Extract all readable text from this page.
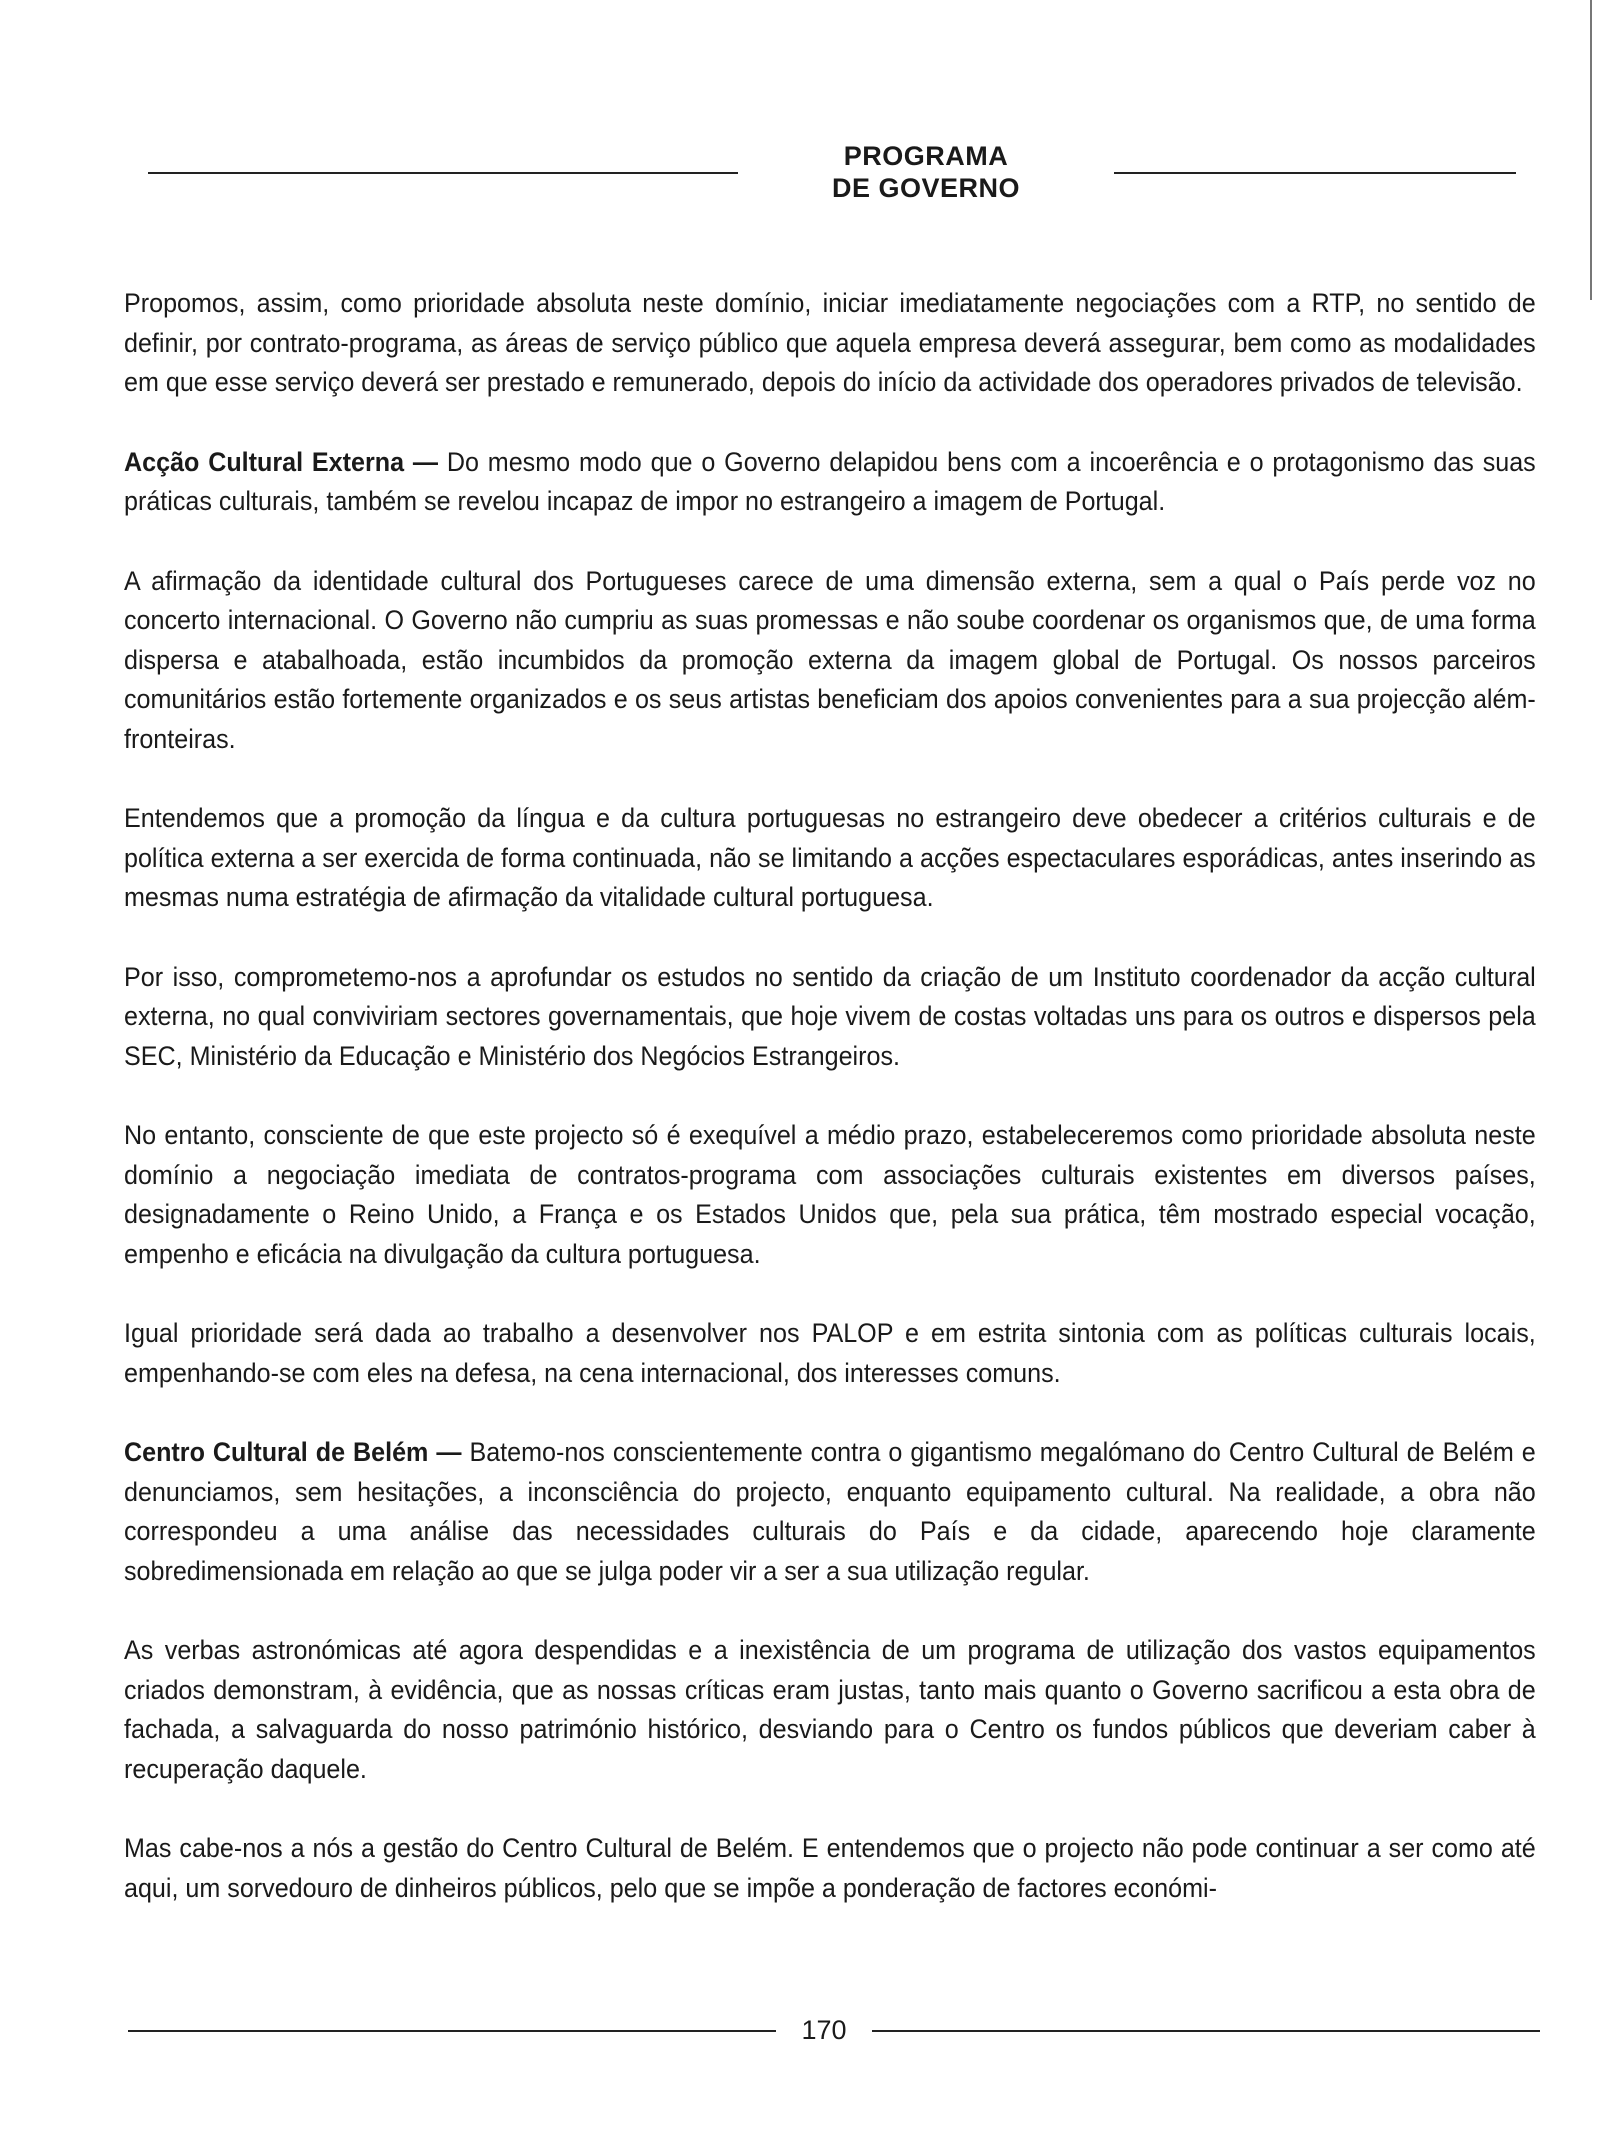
PROGRAMA
DE GOVERNO

Propomos, assim, como prioridade absoluta neste domínio, iniciar imediatamente negociações com a RTP, no sentido de definir, por contrato-programa, as áreas de serviço público que aquela empresa deverá assegurar, bem como as modalidades em que esse serviço deverá ser prestado e remunerado, depois do início da actividade dos operadores privados de televisão.

Acção Cultural Externa — Do mesmo modo que o Governo delapidou bens com a incoerência e o protagonismo das suas práticas culturais, também se revelou incapaz de impor no estrangeiro a imagem de Portugal.

A afirmação da identidade cultural dos Portugueses carece de uma dimensão externa, sem a qual o País perde voz no concerto internacional. O Governo não cumpriu as suas promessas e não soube coordenar os organismos que, de uma forma dispersa e atabalhoada, estão incumbidos da promoção externa da imagem global de Portugal. Os nossos parceiros comunitários estão fortemente organizados e os seus artistas beneficiam dos apoios convenientes para a sua projecção além-fronteiras.

Entendemos que a promoção da língua e da cultura portuguesas no estrangeiro deve obedecer a critérios culturais e de política externa a ser exercida de forma continuada, não se limitando a acções espectaculares esporádicas, antes inserindo as mesmas numa estratégia de afirmação da vitalidade cultural portuguesa.

Por isso, comprometemo-nos a aprofundar os estudos no sentido da criação de um Instituto coordenador da acção cultural externa, no qual conviviriam sectores governamentais, que hoje vivem de costas voltadas uns para os outros e dispersos pela SEC, Ministério da Educação e Ministério dos Negócios Estrangeiros.

No entanto, consciente de que este projecto só é exequível a médio prazo, estabeleceremos como prioridade absoluta neste domínio a negociação imediata de contratos-programa com associações culturais existentes em diversos países, designadamente o Reino Unido, a França e os Estados Unidos que, pela sua prática, têm mostrado especial vocação, empenho e eficácia na divulgação da cultura portuguesa.

Igual prioridade será dada ao trabalho a desenvolver nos PALOP e em estrita sintonia com as políticas culturais locais, empenhando-se com eles na defesa, na cena internacional, dos interesses comuns.

Centro Cultural de Belém — Batemo-nos conscientemente contra o gigantismo megalómano do Centro Cultural de Belém e denunciamos, sem hesitações, a inconsciência do projecto, enquanto equipamento cultural. Na realidade, a obra não correspondeu a uma análise das necessidades culturais do País e da cidade, aparecendo hoje claramente sobredimensionada em relação ao que se julga poder vir a ser a sua utilização regular.

As verbas astronómicas até agora despendidas e a inexistência de um programa de utilização dos vastos equipamentos criados demonstram, à evidência, que as nossas críticas eram justas, tanto mais quanto o Governo sacrificou a esta obra de fachada, a salvaguarda do nosso património histórico, desviando para o Centro os fundos públicos que deveriam caber à recuperação daquele.

Mas cabe-nos a nós a gestão do Centro Cultural de Belém. E entendemos que o projecto não pode continuar a ser como até aqui, um sorvedouro de dinheiros públicos, pelo que se impõe a ponderação de factores económi-

170
